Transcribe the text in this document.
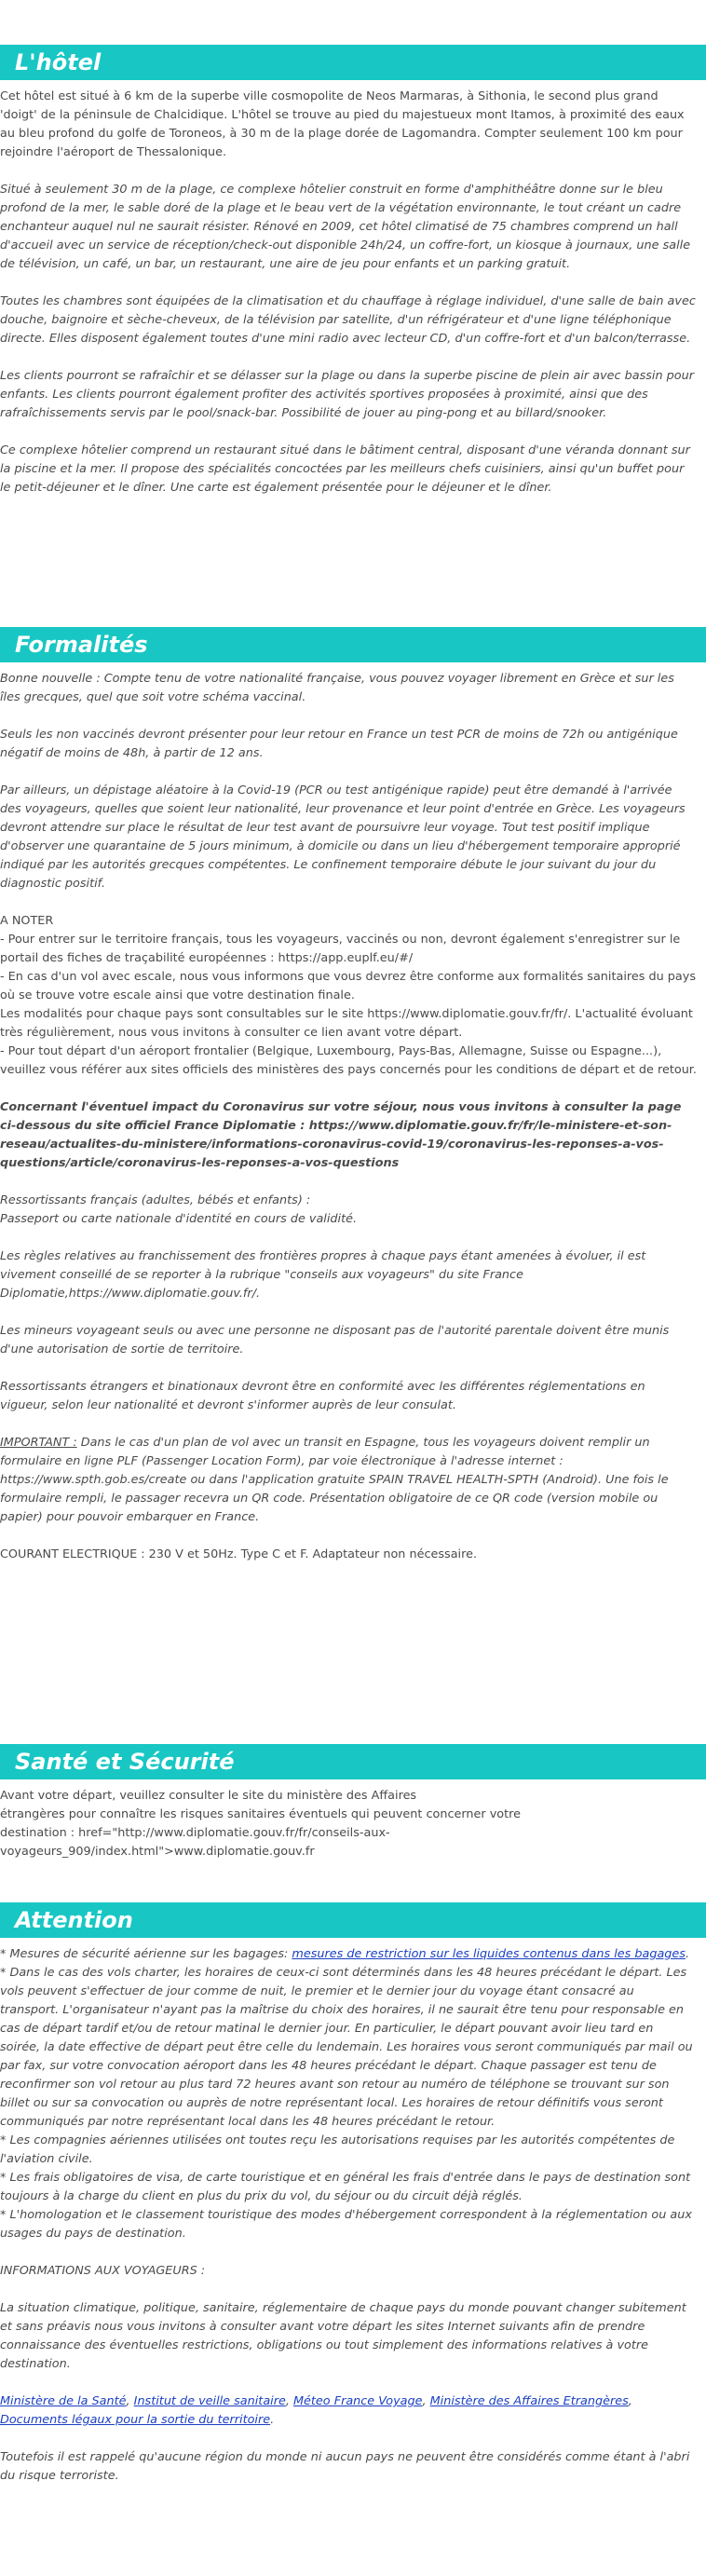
L'hôtel

Cet hôtel est situé à 6 km de la superbe ville cosmopolite de Neos Marmaras, à Sithonia, le second plus grand 'doigt' de la péninsule de Chalcidique. L'hôtel se trouve au pied du majestueux mont Itamos, à proximité des eaux au bleu profond du golfe de Toroneos, à 30 m de la plage dorée de Lagomandra. Compter seulement 100 km pour rejoindre l'aéroport de Thessalonique.

Situé à seulement 30 m de la plage, ce complexe hôtelier construit en forme d'amphithéâtre donne sur le bleu profond de la mer, le sable doré de la plage et le beau vert de la végétation environnante, le tout créant un cadre enchanteur auquel nul ne saurait résister. Rénové en 2009, cet hôtel climatisé de 75 chambres comprend un hall d'accueil avec un service de réception/check-out disponible 24h/24, un coffre-fort, un kiosque à journaux, une salle de télévision, un café, un bar, un restaurant, une aire de jeu pour enfants et un parking gratuit.

Toutes les chambres sont équipées de la climatisation et du chauffage à réglage individuel, d'une salle de bain avec douche, baignoire et sèche-cheveux, de la télévision par satellite, d'un réfrigérateur et d'une ligne téléphonique directe. Elles disposent également toutes d'une mini radio avec lecteur CD, d'un coffre-fort et d'un balcon/terrasse.

Les clients pourront se rafraîchir et se délasser sur la plage ou dans la superbe piscine de plein air avec bassin pour enfants. Les clients pourront également profiter des activités sportives proposées à proximité, ainsi que des rafraîchissements servis par le pool/snack-bar. Possibilité de jouer au ping-pong et au billard/snooker.

Ce complexe hôtelier comprend un restaurant situé dans le bâtiment central, disposant d'une véranda donnant sur la piscine et la mer. Il propose des spécialités concoctées par les meilleurs chefs cuisiniers, ainsi qu'un buffet pour le petit-déjeuner et le dîner. Une carte est également présentée pour le déjeuner et le dîner.

Formalités

Bonne nouvelle : Compte tenu de votre nationalité française, vous pouvez voyager librement en Grèce et sur les îles grecques, quel que soit votre schéma vaccinal.

Seuls les non vaccinés devront présenter pour leur retour en France un test PCR de moins de 72h ou antigénique négatif de moins de 48h, à partir de 12 ans.

Par ailleurs, un dépistage aléatoire à la Covid-19 (PCR ou test antigénique rapide) peut être demandé à l'arrivée des voyageurs, quelles que soient leur nationalité, leur provenance et leur point d'entrée en Grèce. Les voyageurs devront attendre sur place le résultat de leur test avant de poursuivre leur voyage. Tout test positif implique d'observer une quarantaine de 5 jours minimum, à domicile ou dans un lieu d'hébergement temporaire approprié indiqué par les autorités grecques compétentes. Le confinement temporaire débute le jour suivant du jour du diagnostic positif.

A NOTER
- Pour entrer sur le territoire français, tous les voyageurs, vaccinés ou non, devront également s'enregistrer sur le portail des fiches de traçabilité européennes : https://app.euplf.eu/#/
- En cas d'un vol avec escale, nous vous informons que vous devrez être conforme aux formalités sanitaires du pays où se trouve votre escale ainsi que votre destination finale.
Les modalités pour chaque pays sont consultables sur le site https://www.diplomatie.gouv.fr/fr/. L'actualité évoluant très régulièrement, nous vous invitons à consulter ce lien avant votre départ.
- Pour tout départ d'un aéroport frontalier (Belgique, Luxembourg, Pays-Bas, Allemagne, Suisse ou Espagne...), veuillez vous référer aux sites officiels des ministères des pays concernés pour les conditions de départ et de retour.

Concernant l'éventuel impact du Coronavirus sur votre séjour, nous vous invitons à consulter la page ci-dessous du site officiel France Diplomatie : https://www.diplomatie.gouv.fr/fr/le-ministere-et-son-reseau/actualites-du-ministere/informations-coronavirus-covid-19/coronavirus-les-reponses-a-vos-questions/article/coronavirus-les-reponses-a-vos-questions

Ressortissants français (adultes, bébés et enfants) :
Passeport ou carte nationale d'identité en cours de validité.

Les règles relatives au franchissement des frontières propres à chaque pays étant amenées à évoluer, il est vivement conseillé de se reporter à la rubrique "conseils aux voyageurs" du site France Diplomatie,https://www.diplomatie.gouv.fr/.

Les mineurs voyageant seuls ou avec une personne ne disposant pas de l'autorité parentale doivent être munis d'une autorisation de sortie de territoire.

Ressortissants étrangers et binationaux devront être en conformité avec les différentes réglementations en vigueur, selon leur nationalité et devront s'informer auprès de leur consulat.

IMPORTANT : Dans le cas d'un plan de vol avec un transit en Espagne, tous les voyageurs doivent remplir un formulaire en ligne PLF (Passenger Location Form), par voie électronique à l'adresse internet : https://www.spth.gob.es/create ou dans l'application gratuite SPAIN TRAVEL HEALTH-SPTH (Android). Une fois le formulaire rempli, le passager recevra un QR code. Présentation obligatoire de ce QR code (version mobile ou papier) pour pouvoir embarquer en France.

COURANT ELECTRIQUE : 230 V et 50Hz. Type C et F. Adaptateur non nécessaire.

Santé et Sécurité

Avant votre départ, veuillez consulter le site du ministère des Affaires
étrangères pour connaître les risques sanitaires éventuels qui peuvent concerner votre
destination : href="http://www.diplomatie.gouv.fr/fr/conseils-aux-voyageurs_909/index.html">www.diplomatie.gouv.fr

Attention

* Mesures de sécurité aérienne sur les bagages: mesures de restriction sur les liquides contenus dans les bagages.

* Dans le cas des vols charter, les horaires de ceux-ci sont déterminés dans les 48 heures précédant le départ. Les vols peuvent s'effectuer de jour comme de nuit, le premier et le dernier jour du voyage étant consacré au transport. L'organisateur n'ayant pas la maîtrise du choix des horaires, il ne saurait être tenu pour responsable en cas de départ tardif et/ou de retour matinal le dernier jour. En particulier, le départ pouvant avoir lieu tard en soirée, la date effective de départ peut être celle du lendemain. Les horaires vous seront communiqués par mail ou par fax, sur votre convocation aéroport dans les 48 heures précédant le départ. Chaque passager est tenu de reconfirmer son vol retour au plus tard 72 heures avant son retour au numéro de téléphone se trouvant sur son billet ou sur sa convocation ou auprès de notre représentant local. Les horaires de retour définitifs vous seront communiqués par notre représentant local dans les 48 heures précédant le retour.

* Les compagnies aériennes utilisées ont toutes reçu les autorisations requises par les autorités compétentes de l'aviation civile.

* Les frais obligatoires de visa, de carte touristique et en général les frais d'entrée dans le pays de destination sont toujours à la charge du client en plus du prix du vol, du séjour ou du circuit déjà réglés.

* L'homologation et le classement touristique des modes d'hébergement correspondent à la réglementation ou aux usages du pays de destination.

INFORMATIONS AUX VOYAGEURS :

La situation climatique, politique, sanitaire, réglementaire de chaque pays du monde pouvant changer subitement et sans préavis nous vous invitons à consulter avant votre départ les sites Internet suivants afin de prendre connaissance des éventuelles restrictions, obligations ou tout simplement des informations relatives à votre destination.

Ministère de la Santé, Institut de veille sanitaire, Méteo France Voyage, Ministère des Affaires Etrangères, Documents légaux pour la sortie du territoire.

Toutefois il est rappelé qu'aucune région du monde ni aucun pays ne peuvent être considérés comme étant à l'abri du risque terroriste.
